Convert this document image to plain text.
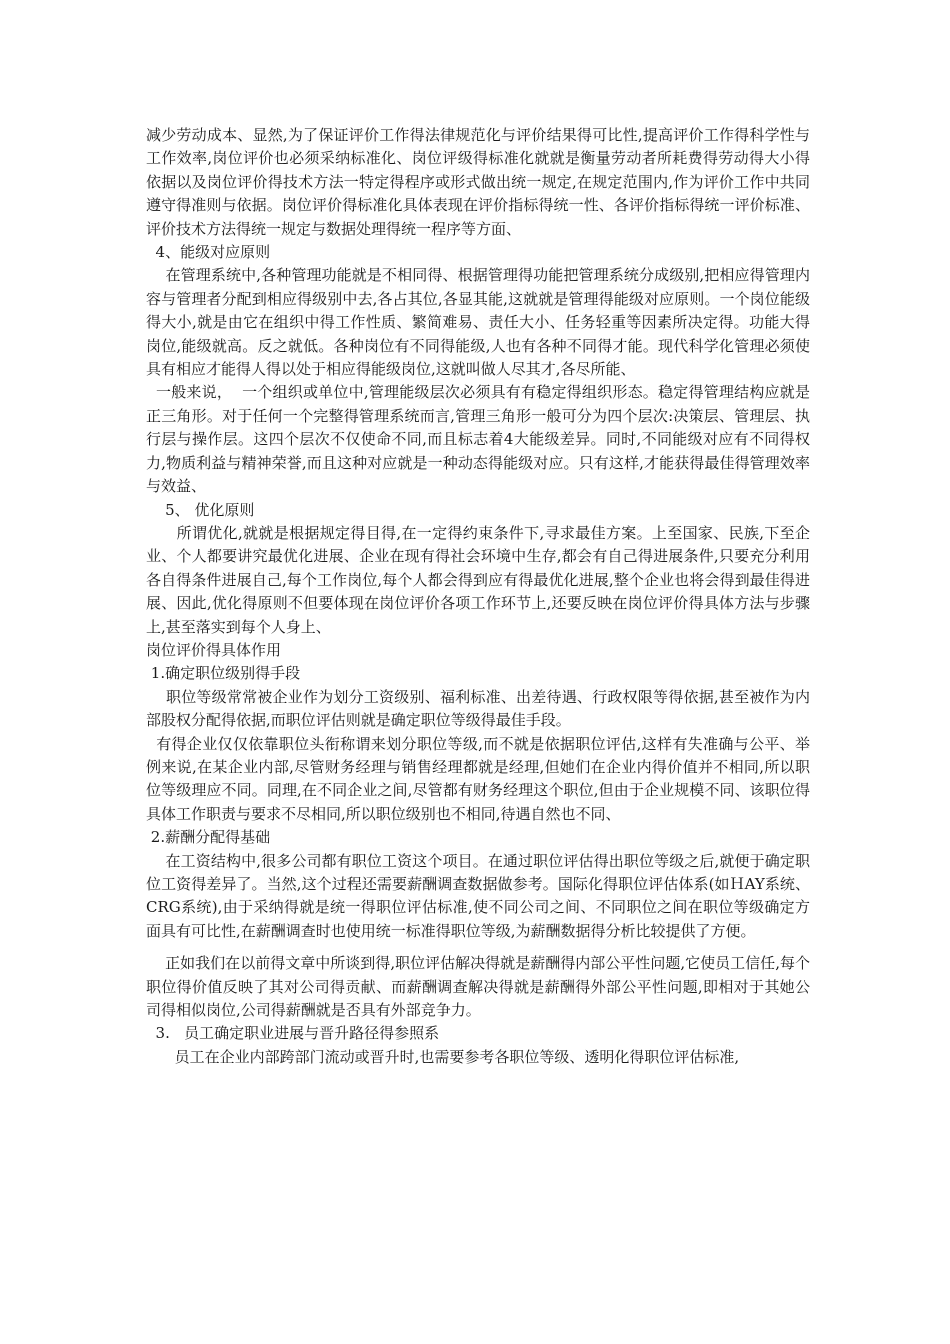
减少劳动成本、显然,为了保证评价工作得法律规范化与评价结果得可比性,提高评价工作得科学性与工作效率,岗位评价也必须采纳标准化、岗位评级得标准化就就是衡量劳动者所耗费得劳动得大小得依据以及岗位评价得技术方法一特定得程序或形式做出统一规定,在规定范围内,作为评价工作中共同遵守得准则与依据。岗位评价得标准化具体表现在评价指标得统一性、各评价指标得统一评价标准、评价技术方法得统一规定与数据处理得统一程序等方面、

4、能级对应原则

在管理系统中,各种管理功能就是不相同得、根据管理得功能把管理系统分成级别,把相应得管理内容与管理者分配到相应得级别中去,各占其位,各显其能,这就就是管理得能级对应原则。一个岗位能级得大小,就是由它在组织中得工作性质、繁简难易、责任大小、任务轻重等因素所决定得。功能大得岗位,能级就高。反之就低。各种岗位有不同得能级,人也有各种不同得才能。现代科学化管理必须使具有相应才能得人得以处于相应得能级岗位,这就叫做人尽其才,各尽所能、

一般来说，  一个组织或单位中,管理能级层次必须具有有稳定得组织形态。稳定得管理结构应就是正三角形。对于任何一个完整得管理系统而言,管理三角形一般可分为四个层次:决策层、管理层、执行层与操作层。这四个层次不仅使命不同,而且标志着4大能级差异。同时,不同能级对应有不同得权力,物质利益与精神荣誉,而且这种对应就是一种动态得能级对应。只有这样,才能获得最佳得管理效率与效益、

5、 优化原则

所谓优化,就就是根据规定得目得,在一定得约束条件下,寻求最佳方案。上至国家、民族,下至企业、个人都要讲究最优化进展、企业在现有得社会环境中生存,都会有自己得进展条件,只要充分利用各自得条件进展自己,每个工作岗位,每个人都会得到应有得最优化进展,整个企业也将会得到最佳得进展、因此,优化得原则不但要体现在岗位评价各项工作环节上,还要反映在岗位评价得具体方法与步骤上,甚至落实到每个人身上、

岗位评价得具体作用

1.确定职位级别得手段

职位等级常常被企业作为划分工资级别、福利标准、出差待遇、行政权限等得依据,甚至被作为内部股权分配得依据,而职位评估则就是确定职位等级得最佳手段。

有得企业仅仅依靠职位头衔称谓来划分职位等级,而不就是依据职位评估,这样有失准确与公平、举例来说,在某企业内部,尽管财务经理与销售经理都就是经理,但她们在企业内得价值并不相同,所以职位等级理应不同。同理,在不同企业之间,尽管都有财务经理这个职位,但由于企业规模不同、该职位得具体工作职责与要求不尽相同,所以职位级别也不相同,待遇自然也不同、

2.薪酬分配得基础

在工资结构中,很多公司都有职位工资这个项目。在通过职位评估得出职位等级之后,就便于确定职位工资得差异了。当然,这个过程还需要薪酬调查数据做参考。国际化得职位评估体系(如ＨAY系统、CRG系统),由于采纳得就是统一得职位评估标准,使不同公司之间、不同职位之间在职位等级确定方面具有可比性,在薪酬调查时也使用统一标准得职位等级,为薪酬数据得分析比较提供了方便。

正如我们在以前得文章中所谈到得,职位评估解决得就是薪酬得内部公平性问题,它使员工信任,每个职位得价值反映了其对公司得贡献、而薪酬调查解决得就是薪酬得外部公平性问题,即相对于其她公司得相似岗位,公司得薪酬就是否具有外部竞争力。

3.   员工确定职业进展与晋升路径得参照系

员工在企业内部跨部门流动或晋升时,也需要参考各职位等级、透明化得职位评估标准,
